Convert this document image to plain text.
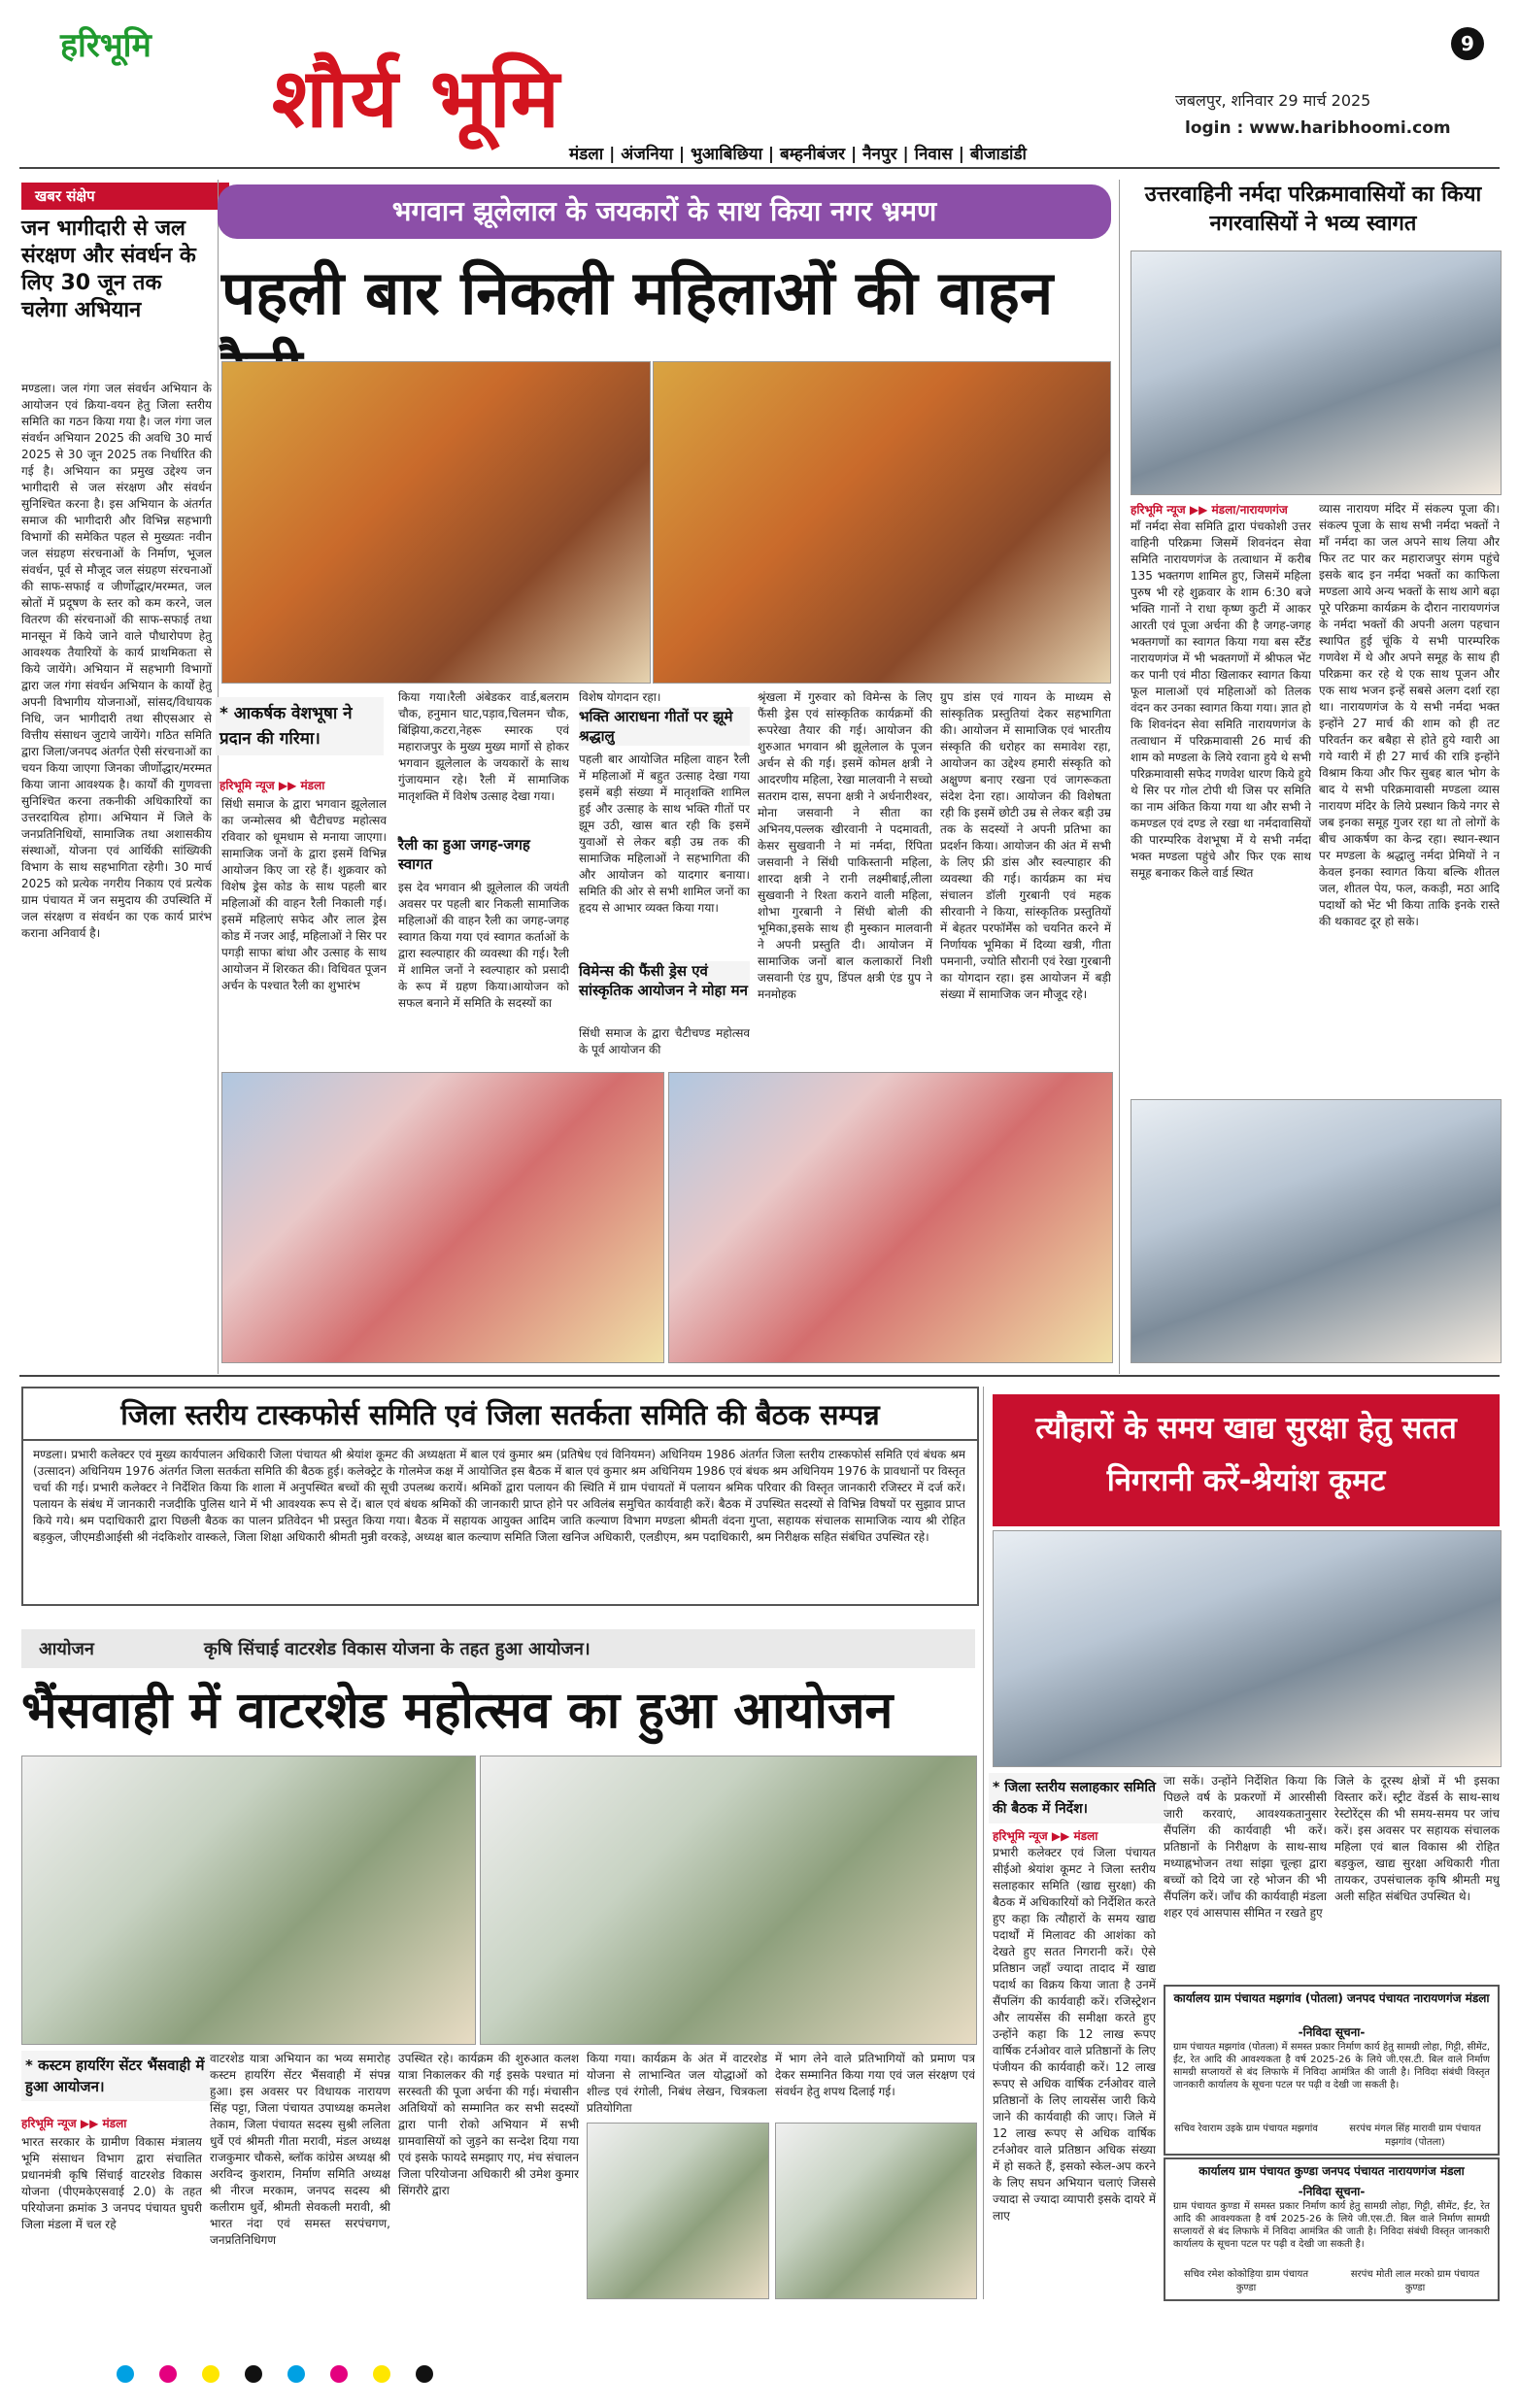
हरिभूमि
शौर्य भूमि
9
जबलपुर, शनिवार 29 मार्च 2025
login : www.haribhoomi.com
मंडला | अंजनिया | भुआबिछिया | बम्हनीबंजर | नैनपुर | निवास | बीजाडांडी
खबर संक्षेप
जन भागीदारी से जल संरक्षण और संवर्धन के लिए 30 जून तक चलेगा अभियान
मण्डला। जल गंगा जल संवर्धन अभियान के आयोजन एवं क्रिया-वयन हेतु जिला स्तरीय समिति का गठन किया गया है। जल गंगा जल संवर्धन अभियान 2025 की अवधि 30 मार्च 2025 से 30 जून 2025 तक निर्धारित की गई है। अभियान का प्रमुख उद्देश्य जन भागीदारी से जल संरक्षण और संवर्धन सुनिश्चित करना है। इस अभियान के अंतर्गत समाज की भागीदारी और विभिन्न सहभागी विभागों की समेकित पहल से मुख्यतः नवीन जल संग्रहण संरचनाओं के निर्माण, भूजल संवर्धन, पूर्व से मौजूद जल संग्रहण संरचनाओं की साफ-सफाई व जीर्णोद्धार/मरम्मत, जल स्रोतों में प्रदूषण के स्तर को कम करने, जल वितरण की संरचनाओं की साफ-सफाई तथा मानसून में किये जाने वाले पौधारोपण हेतु आवश्यक तैयारियों के कार्य प्राथमिकता से किये जायेंगे। अभियान में सहभागी विभागों द्वारा जल गंगा संवर्धन अभियान के कार्यों हेतु अपनी विभागीय योजनाओं, सांसद/विधायक निधि, जन भागीदारी तथा सीएसआर से वित्तीय संसाधन जुटाये जायेंगे। गठित समिति द्वारा जिला/जनपद अंतर्गत ऐसी संरचनाओं का चयन किया जाएगा जिनका जीर्णोद्धार/मरम्मत किया जाना आवश्यक है। कार्यों की गुणवत्ता सुनिश्चित करना तकनीकी अधिकारियों का उत्तरदायित्व होगा। अभियान में जिले के जनप्रतिनिधियों, सामाजिक तथा अशासकीय संस्थाओं, योजना एवं आर्थिकी सांख्यिकी विभाग के साथ सहभागिता रहेगी। 30 मार्च 2025 को प्रत्येक नगरीय निकाय एवं प्रत्येक ग्राम पंचायत में जन समुदाय की उपस्थिति में जल संरक्षण व संवर्धन का एक कार्य प्रारंभ कराना अनिवार्य है।
भगवान झूलेलाल के जयकारों के साथ किया नगर भ्रमण
पहली बार निकली महिलाओं की वाहन
* आकर्षक वेशभूषा ने प्रदान की गरिमा।
हरिभूमि न्यूज ▶▶ मंडला
सिंधी समाज के द्वारा भगवान झूलेलाल का जन्मोत्सव श्री चैटीचण्ड महोत्सव रविवार को धूमधाम से मनाया जाएगा। सामाजिक जनों के द्वारा इसमें विभिन्न आयोजन किए जा रहे हैं। शुक्रवार को विशेष ड्रेस कोड के साथ पहली बार महिलाओं की वाहन रैली निकाली गई। इसमें महिलाएं सफेद और लाल ड्रेस कोड में नजर आईं, महिलाओं ने सिर पर पगड़ी साफा बांधा और उत्साह के साथ आयोजन में शिरकत की। विधिवत पूजन अर्चन के पश्चात रैली का शुभारंभ
किया गया।रैली अंबेडकर वार्ड,बलराम चौक, हनुमान घाट,पड़ाव,चिलमन चौक, बिंझिया,कटरा,नेहरू स्मारक एवं महाराजपुर के मुख्य मुख्य मार्गो से होकर भगवान झूलेलाल के जयकारों के साथ गुंजायमान रहे। रैली में सामाजिक मातृशक्ति में विशेष उत्साह देखा गया।
रैली का हुआ जगह-जगह स्वागत
इस देव भगवान श्री झूलेलाल की जयंती अवसर पर पहली बार निकली सामाजिक महिलाओं की वाहन रैली का जगह-जगह स्वागत किया गया एवं स्वागत कर्ताओं के द्वारा स्वल्पाहार की व्यवस्था की गई। रैली में शामिल जनों ने स्वल्पाहार को प्रसादी के रूप में ग्रहण किया।आयोजन को सफल बनाने में समिति के सदस्यों का
विशेष योगदान रहा।
भक्ति आराधना गीतों पर झूमे श्रद्धालु
पहली बार आयोजित महिला वाहन रैली में महिलाओं में बहुत उत्साह देखा गया इसमें बड़ी संख्या में मातृशक्ति शामिल हुई और उत्साह के साथ भक्ति गीतों पर झूम उठी, खास बात रही कि इसमें युवाओं से लेकर बड़ी उम्र तक की सामाजिक महिलाओं ने सहभागिता की और आयोजन को यादगार बनाया। समिति की ओर से सभी शामिल जनों का हृदय से आभार व्यक्त किया गया।
विमेन्स की फैंसी ड्रेस एवं सांस्कृतिक आयोजन ने मोहा मन
सिंधी समाज के द्वारा चैटीचण्ड महोत्सव के पूर्व आयोजन की
श्रृंखला में गुरुवार को विमेन्स के लिए फैंसी ड्रेस एवं सांस्कृतिक कार्यक्रमों की रूपरेखा तैयार की गई। आयोजन की शुरुआत भगवान श्री झूलेलाल के पूजन अर्चन से की गई। इसमें कोमल क्षत्री ने आदरणीय महिला, रेखा मालवानी ने सच्चो सतराम दास, सपना क्षत्री ने अर्धनारीश्वर, मोना जसवानी ने सीता का अभिनय,पल्लक खीरवानी ने पदमावती, केसर सुखवानी ने मां नर्मदा, रिंपिता जसवानी ने सिंधी पाकिस्तानी महिला, शारदा क्षत्री ने रानी लक्ष्मीबाई,लीला सुखवानी ने रिश्ता कराने वाली महिला, शोभा गुरबानी ने सिंधी बोली की भूमिका,इसके साथ ही मुस्कान मालवानी ने अपनी प्रस्तुति दी। आयोजन में सामाजिक जनों बाल कलाकारों निशी जसवानी एंड ग्रुप, डिंपल क्षत्री एंड ग्रुप ने मनमोहक
ग्रुप डांस एवं गायन के माध्यम से सांस्कृतिक प्रस्तुतियां देकर सहभागिता की। आयोजन में सामाजिक एवं भारतीय संस्कृति की धरोहर का समावेश रहा, आयोजन का उद्देश्य हमारी संस्कृति को अक्षुण्ण बनाए रखना एवं जागरूकता संदेश देना रहा। आयोजन की विशेषता रही कि इसमें छोटी उम्र से लेकर बड़ी उम्र तक के सदस्यों ने अपनी प्रतिभा का प्रदर्शन किया। आयोजन की अंत में सभी के लिए फ्री डांस और स्वल्पाहार की व्यवस्था की गई। कार्यक्रम का मंच संचालन डॉली गुरबानी एवं महक सीरवानी ने किया, सांस्कृतिक प्रस्तुतियों में बेहतर परफॉर्मेंस को चयनित करने में निर्णायक भूमिका में दिव्या खत्री, गीता पमनानी, ज्योति सौरानी एवं रेखा गुरबानी का योगदान रहा। इस आयोजन में बड़ी संख्या में सामाजिक जन मौजूद रहे।
उत्तरवाहिनी नर्मदा परिक्रमावासियों का किया नगरवासियों ने भव्य स्वागत
हरिभूमि न्यूज ▶▶ मंडला/नारायणगंज
माँ नर्मदा सेवा समिति द्वारा पंचकोशी उत्तर वाहिनी परिक्रमा जिसमें शिवनंदन सेवा समिति नारायणगंज के तत्वाधान में करीब 135 भक्तगण शामिल हुए, जिसमें महिला पुरुष भी रहे शुक्रवार के शाम 6:30 बजे भक्ति गानों ने राधा कृष्ण कुटी में आकर आरती एवं पूजा अर्चना की है जगह-जगह भक्तगणों का स्वागत किया गया बस स्टैंड नारायणगंज में भी भक्तगणों में श्रीफल भेंट कर पानी एवं मीठा खिलाकर स्वागत किया फूल मालाओं एवं महिलाओं को तिलक वंदन कर उनका स्वागत किया गया। ज्ञात हो कि शिवनंदन सेवा समिति नारायणगंज के तत्वाधान में परिक्रमावासी 26 मार्च की शाम को मण्डला के लिये रवाना हुये थे सभी परिक्रमावासी सफेद गणवेश धारण किये हुये थे सिर पर गोल टोपी थी जिस पर समिति का नाम अंकित किया गया था और सभी ने कमण्डल एवं दण्ड ले रखा था नर्मदावासियों की पारम्परिक वेशभूषा में ये सभी नर्मदा भक्त मण्डला पहुंचे और फिर एक साथ समूह बनाकर किले वार्ड स्थित
व्यास नारायण मंदिर में संकल्प पूजा की। संकल्प पूजा के साथ सभी नर्मदा भक्तों ने माँ नर्मदा का जल अपने साथ लिया और फिर तट पार कर महाराजपुर संगम पहुंचे इसके बाद इन नर्मदा भक्तों का काफिला मण्डला आये अन्य भक्तों के साथ आगे बढ़ा पूरे परिक्रमा कार्यक्रम के दौरान नारायणगंज के नर्मदा भक्तों की अपनी अलग पहचान स्थापित हुई चूंकि ये सभी पारम्परिक गणवेश में थे और अपने समूह के साथ ही परिक्रमा कर रहे थे एक साथ पूजन और एक साथ भजन इन्हें सबसे अलग दर्शा रहा था। नारायणगंज के ये सभी नर्मदा भक्त इन्होंने 27 मार्च की शाम को ही तट परिवर्तन कर बबैहा से होते हुये ग्वारी आ गये ग्वारी में ही 27 मार्च की रात्रि इन्होंने विश्राम किया और फिर सुबह बाल भोग के बाद ये सभी परिक्रमावासी मण्डला व्यास नारायण मंदिर के लिये प्रस्थान किये नगर से जब इनका समूह गुजर रहा था तो लोगों के बीच आकर्षण का केन्द्र रहा। स्थान-स्थान पर मण्डला के श्रद्धालु नर्मदा प्रेमियों ने न केवल इनका स्वागत किया बल्कि शीतल जल, शीतल पेय, फल, ककड़ी, मठा आदि पदार्थो को भेंट भी किया ताकि इनके रास्ते की थकावट दूर हो सके।
जिला स्तरीय टास्कफोर्स समिति एवं जिला सतर्कता समिति की बैठक सम्पन्न
मण्डला। प्रभारी कलेक्टर एवं मुख्य कार्यपालन अधिकारी जिला पंचायत श्री श्रेयांश कूमट की अध्यक्षता में बाल एवं कुमार श्रम (प्रतिषेध एवं विनियमन) अधिनियम 1986 अंतर्गत जिला स्तरीय टास्कफोर्स समिति एवं बंधक श्रम (उत्सादन) अधिनियम 1976 अंतर्गत जिला सतर्कता समिति की बैठक हुई। कलेक्ट्रेट के गोलमेज कक्ष में आयोजित इस बैठक में बाल एवं कुमार श्रम अधिनियम 1986 एवं बंधक श्रम अधिनियम 1976 के प्रावधानों पर विस्तृत चर्चा की गई। प्रभारी कलेक्टर ने निर्देशित किया कि शाला में अनुपस्थित बच्चों की सूची उपलब्ध करायें। श्रमिकों द्वारा पलायन की स्थिति में ग्राम पंचायतों में पलायन श्रमिक परिवार की विस्तृत जानकारी रजिस्टर में दर्ज करें। पलायन के संबंध में जानकारी नजदीकि पुलिस थाने में भी आवश्यक रूप से दें। बाल एवं बंधक श्रमिकों की जानकारी प्राप्त होने पर अविलंब समुचित कार्यवाही करें। बैठक में उपस्थित सदस्यों से विभिन्न विषयों पर सुझाव प्राप्त किये गये। श्रम पदाधिकारी द्वारा पिछली बैठक का पालन प्रतिवेदन भी प्रस्तुत किया गया। बैठक में सहायक आयुक्त आदिम जाति कल्याण विभाग मण्डला श्रीमती वंदना गुप्ता, सहायक संचालक सामाजिक न्याय श्री रोहित बड़कुल, जीएमडीआईसी श्री नंदकिशोर वास्कले, जिला शिक्षा अधिकारी श्रीमती मुन्नी वरकड़े, अध्यक्ष बाल कल्याण समिति जिला खनिज अधिकारी, एलडीएम, श्रम पदाधिकारी, श्रम निरीक्षक सहित संबंधित उपस्थित रहे।
आयोजन	कृषि सिंचाई वाटरशेड विकास योजना के तहत हुआ आयोजन।
भैंसवाही में वाटरशेड महोत्सव का हुआ आयोजन
* कस्टम हायरिंग सेंटर भैंसवाही में हुआ आयोजन।
हरिभूमि न्यूज ▶▶ मंडला
भारत सरकार के ग्रामीण विकास मंत्रालय भूमि संसाधन विभाग द्वारा संचालित प्रधानमंत्री कृषि सिंचाई वाटरशेड विकास योजना (पीएमकेएसवाई 2.0) के तहत परियोजना क्रमांक 3 जनपद पंचायत घुघरी जिला मंडला में चल रहे
वाटरशेड यात्रा अभियान का भव्य समारोह कस्टम हायरिंग सेंटर भैंसवाही में संपन्न हुआ। इस अवसर पर विधायक नारायण सिंह पट्टा, जिला पंचायत उपाध्यक्ष कमलेश तेकाम, जिला पंचायत सदस्य सुश्री ललिता धुर्वे एवं श्रीमती गीता मरावी, मंडल अध्यक्ष राजकुमार चौकसे, ब्लॉक कांग्रेस अध्यक्ष श्री अरविन्द कुशराम, निर्माण समिति अध्यक्ष श्री नीरज मरकाम, जनपद सदस्य श्री कलीराम धुर्वे, श्रीमती सेवकली मरावी, श्री भारत नंदा एवं समस्त सरपंचगण, जनप्रतिनिधिगण
उपस्थित रहे। कार्यक्रम की शुरुआत कलश यात्रा निकालकर की गई इसके पश्चात मां सरस्वती की पूजा अर्चना की गई। मंचासीन अतिथियों को सम्मानित कर सभी सदस्यों द्वारा पानी रोको अभियान में सभी ग्रामवासियों को जुड़ने का सन्देश दिया गया एवं इसके फायदे समझाए गए, मंच संचालन जिला परियोजना अधिकारी श्री उमेश कुमार सिंगरौरे द्वारा
किया गया। कार्यक्रम के अंत में वाटरशेड योजना से लाभान्वित जल योद्धाओं को शील्ड एवं रंगोली, निबंध लेखन, चित्रकला प्रतियोगिता
में भाग लेने वाले प्रतिभागियों को प्रमाण पत्र देकर सम्मानित किया गया एवं जल संरक्षण एवं संवर्धन हेतु शपथ दिलाई गई।
त्यौहारों के समय खाद्य सुरक्षा हेतु सतत निगरानी करें-श्रेयांश कूमट
* जिला स्तरीय सलाहकार समिति की बैठक में निर्देश।
हरिभूमि न्यूज ▶▶ मंडला
प्रभारी कलेक्टर एवं जिला पंचायत सीईओ श्रेयांश कूमट ने जिला स्तरीय सलाहकार समिति (खाद्य सुरक्षा) की बैठक में अधिकारियों को निर्देशित करते हुए कहा कि त्यौहारों के समय खाद्य पदार्थों में मिलावट की आशंका को देखते हुए सतत निगरानी करें। ऐसे प्रतिष्ठान जहाँ ज्यादा तादाद में खाद्य पदार्थ का विक्रय किया जाता है उनमें सैंपलिंग की कार्यवाही करें। रजिस्ट्रेशन और लायसेंस की समीक्षा करते हुए उन्होंने कहा कि 12 लाख रूपए वार्षिक टर्नओवर वाले प्रतिष्ठानों के लिए पंजीयन की कार्यवाही करें। 12 लाख रूपए से अधिक वार्षिक टर्नओवर वाले प्रतिष्ठानों के लिए लायसेंस जारी किये जाने की कार्यवाही की जाए। जिले में 12 लाख रूपए से अधिक वार्षिक टर्नओवर वाले प्रतिष्ठान अधिक संख्या में हो सकते हैं, इसको स्केल-अप करने के लिए सघन अभियान चलाएं जिससे ज्यादा से ज्यादा व्यापारी इसके दायरे में लाए
जा सकें। उन्होंने निर्देशित किया कि पिछले वर्ष के प्रकरणों में आरसीसी जारी करवाएं, आवश्यकतानुसार सैंपलिंग की कार्यवाही भी करें। प्रतिष्ठानों के निरीक्षण के साथ-साथ मध्याह्नभोजन तथा सांझा चूल्हा द्वारा बच्चों को दिये जा रहे भोजन की भी सैंपलिंग करें। जाँच की कार्यवाही मंडला शहर एवं आसपास सीमित न रखते हुए
जिले के दूरस्थ क्षेत्रों में भी इसका विस्तार करें। स्ट्रीट वेंडर्स के साथ-साथ रेस्टोरेंट्स की भी समय-समय पर जांच करें। इस अवसर पर सहायक संचालक महिला एवं बाल विकास श्री रोहित बड़कुल, खाद्य सुरक्षा अधिकारी गीता तायकर, उपसंचालक कृषि श्रीमती मधु अली सहित संबंधित उपस्थित थे।
कार्यालय ग्राम पंचायत मझगांव (पोतला) जनपद पंचायत नारायणगंज मंडला
-निविदा सूचना-
ग्राम पंचायत मझगांव (पोतला) में समस्त प्रकार निर्माण कार्य हेतु सामग्री लोहा, गिट्टी, सीमेंट, ईंट, रेत आदि की आवश्यकता है वर्ष 2025-26 के लिये जी.एस.टी. बिल वाले निर्माण सामग्री सप्लायरों से बंद लिफाफे में निविदा आमंत्रित की जाती है। निविदा संबंधी विस्तृत जानकारी कार्यालय के सूचना पटल पर पढ़ी व देखी जा सकती है।
सचिव रेवाराम उइके ग्राम पंचायत मझगांव	सरपंच मंगल सिंह मारावी ग्राम पंचायत मझगांव (पोतला)
कार्यालय ग्राम पंचायत कुण्डा जनपद पंचायत नारायणगंज मंडला
-निविदा सूचना-
ग्राम पंचायत कुण्डा में समस्त प्रकार निर्माण कार्य हेतु सामग्री लोहा, गिट्टी, सीमेंट, ईंट, रेत आदि की आवश्यकता है वर्ष 2025-26 के लिये जी.एस.टी. बिल वाले निर्माण सामग्री सप्लायरों से बंद लिफाफे में निविदा आमंत्रित की जाती है। निविदा संबंधी विस्तृत जानकारी कार्यालय के सूचना पटल पर पढ़ी व देखी जा सकती है।
सचिव रमेश कोकोड़िया ग्राम पंचायत कुण्डा
सरपंच मोती लाल मरको ग्राम पंचायत कुण्डा
